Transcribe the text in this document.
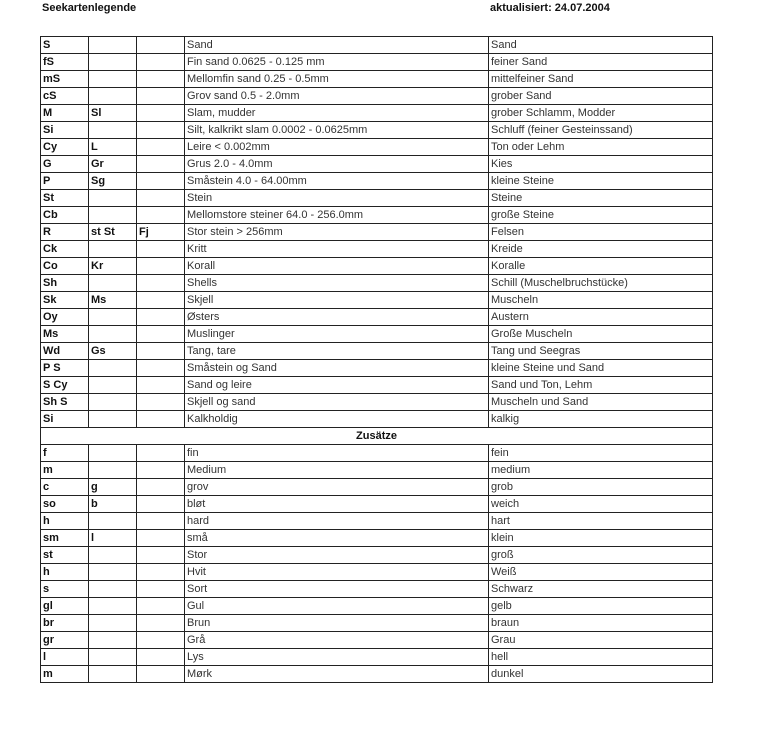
Seekartenlegende	aktualisiert: 24.07.2004
S			Sand	Sand
fS			Fin sand 0.0625 - 0.125 mm	feiner Sand
mS			Mellomfin sand 0.25 - 0.5mm	mittelfeiner Sand
cS			Grov sand 0.5 - 2.0mm	grober Sand
M	Sl		Slam, mudder	grober Schlamm, Modder
Si			Silt, kalkrikt slam 0.0002 - 0.0625mm	Schluff (feiner Gesteinssand)
Cy	L		Leire < 0.002mm	Ton oder Lehm
G	Gr		Grus 2.0 - 4.0mm	Kies
P	Sg		Småstein 4.0 - 64.00mm	kleine Steine
St			Stein	Steine
Cb			Mellomstore steiner 64.0 - 256.0mm	große Steine
R	st St	Fj	Stor stein > 256mm	Felsen
Ck			Kritt	Kreide
Co	Kr		Korall	Koralle
Sh			Shells	Schill (Muschelbruchstücke)
Sk	Ms		Skjell	Muscheln
Oy			Østers	Austern
Ms			Muslinger	Große Muscheln
Wd	Gs		Tang, tare	Tang und Seegras
P S			Småstein og Sand	kleine Steine und Sand
S Cy			Sand og leire	Sand und Ton, Lehm
Sh S			Skjell og sand	Muscheln und Sand
Si			Kalkholdig	kalkig
Zusätze				
f			fin	fein
m			Medium	medium
c	g		grov	grob
so	b		bløt	weich
h			hard	hart
sm	l		små	klein
st			Stor	groß
h			Hvit	Weiß
s			Sort	Schwarz
gl			Gul	gelb
br			Brun	braun
gr			Grå	Grau
l			Lys	hell
m			Mørk	dunkel
